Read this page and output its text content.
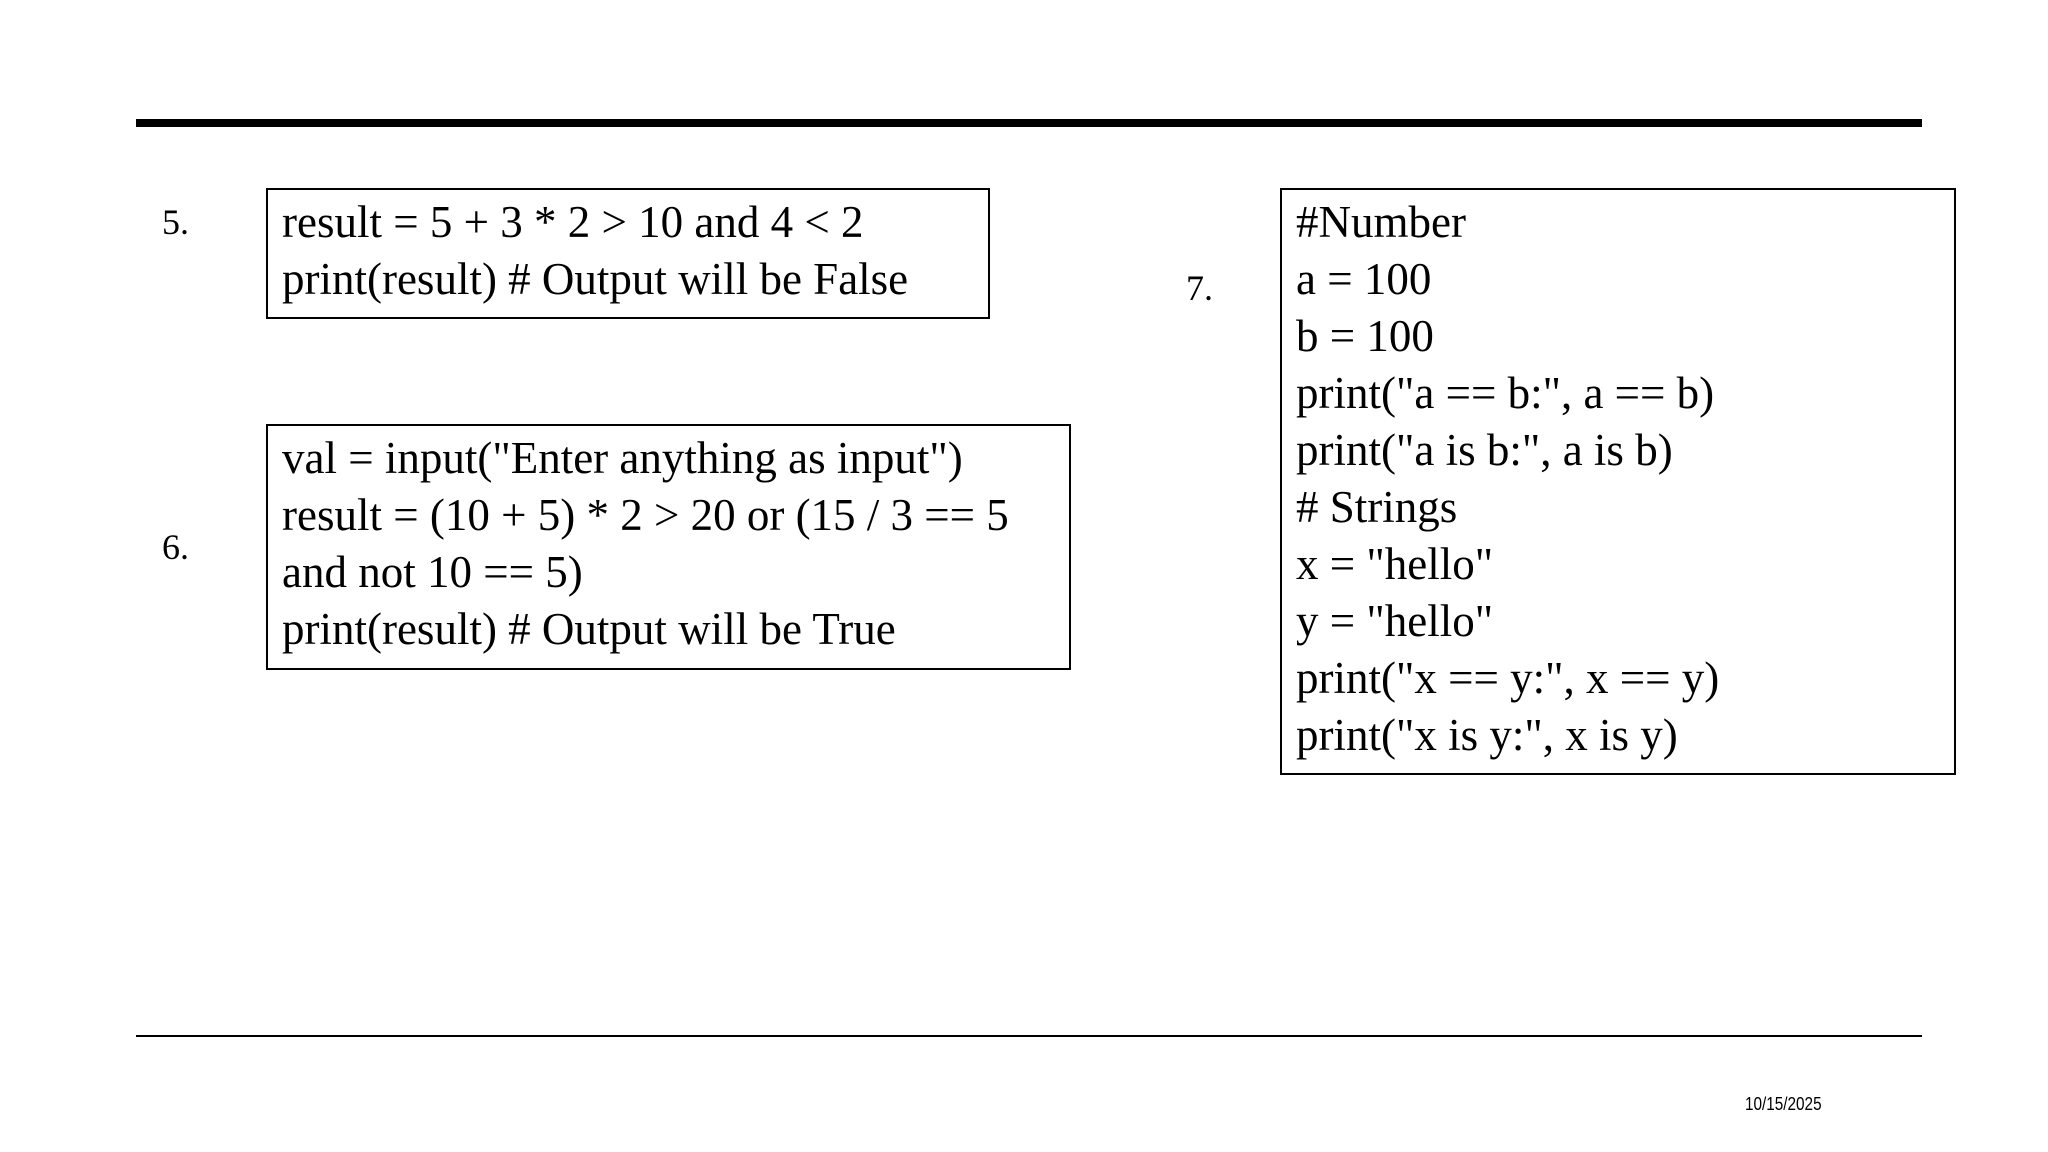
5. result = 5 + 3 * 2 > 10 and 4 < 2
print(result) # Output will be False
6.
val = input("Enter anything as input")
result = (10 + 5) * 2 > 20 or (15 / 3 == 5
and not 10 == 5)
print(result) # Output will be True
7.
#Number
a = 100
b = 100
print("a == b:", a == b)
print("a is b:", a is b)
# Strings
x = "hello"
y = "hello"
print("x == y:", x == y)
print("x is y:", x is y)
10/15/2025
